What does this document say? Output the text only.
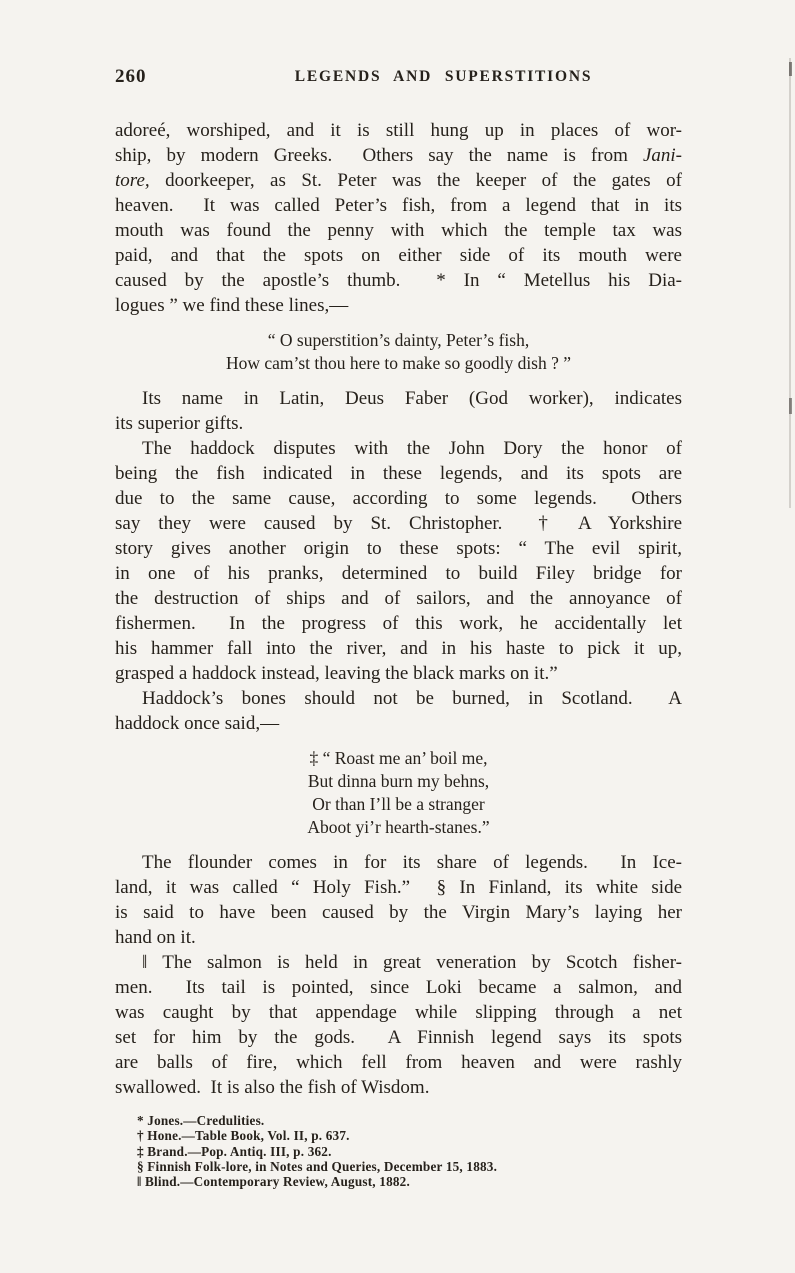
260	LEGENDS AND SUPERSTITIONS
adoreé, worshiped, and it is still hung up in places of wor-
ship, by modern Greeks.  Others say the name is from Jani-
tore, doorkeeper, as St. Peter was the keeper of the gates of
heaven.  It was called Peter’s fish, from a legend that in its
mouth was found the penny with which the temple tax was
paid, and that the spots on either side of its mouth were
caused by the apostle’s thumb.  * In “ Metellus his Dia-
logues ” we find these lines,—
“ O superstition’s dainty, Peter’s fish,
How cam’st thou here to make so goodly dish ? ”
Its name in Latin, Deus Faber (God worker), indicates
its superior gifts.
The haddock disputes with the John Dory the honor of
being the fish indicated in these legends, and its spots are
due to the same cause, according to some legends.  Others
say they were caused by St. Christopher.  † A Yorkshire
story gives another origin to these spots: “ The evil spirit,
in one of his pranks, determined to build Filey bridge for
the destruction of ships and of sailors, and the annoyance of
fishermen.  In the progress of this work, he accidentally let
his hammer fall into the river, and in his haste to pick it up,
grasped a haddock instead, leaving the black marks on it.”
Haddock’s bones should not be burned, in Scotland.  A
haddock once said,—
‡ “ Roast me an’ boil me,
But dinna burn my behns,
Or than I’ll be a stranger
Aboot yi’r hearth-stanes.”
The flounder comes in for its share of legends.  In Ice-
land, it was called “ Holy Fish.”  § In Finland, its white side
is said to have been caused by the Virgin Mary’s laying her
hand on it.
‖ The salmon is held in great veneration by Scotch fisher-
men.  Its tail is pointed, since Loki became a salmon, and
was caught by that appendage while slipping through a net
set for him by the gods.  A Finnish legend says its spots
are balls of fire, which fell from heaven and were rashly
swallowed.  It is also the fish of Wisdom.
* Jones.—Credulities.
† Hone.—Table Book, Vol. II, p. 637.
‡ Brand.—Pop. Antiq. III, p. 362.
§ Finnish Folk-lore, in Notes and Queries, December 15, 1883.
‖ Blind.—Contemporary Review, August, 1882.
